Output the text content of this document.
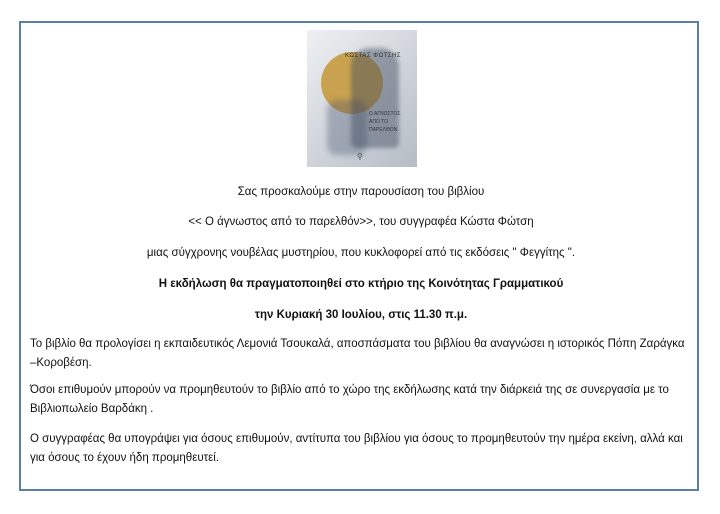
ΚΩΣΤΑΣ ΦΩΤΣΗΣ
Ο ΑΓΝΩΣΤΟΣ ΑΠΟ ΤΟ ΠΑΡΕΛΘΟΝ
⚲

Σας προσκαλούμε στην παρουσίαση του βιβλίου

<< Ο άγνωστος από το παρελθόν>>, του συγγραφέα Κώστα Φώτση

μιας σύγχρονης νουβέλας μυστηρίου, που κυκλοφορεί από τις εκδόσεις " Φεγγίτης ".

Η εκδήλωση θα πραγματοποιηθεί στο κτήριο της Κοινότητας Γραμματικού

την Κυριακή 30 Ιουλίου, στις 11.30 π.μ.

Το βιβλίο θα προλογίσει η εκπαιδευτικός Λεμονιά Τσουκαλά, αποσπάσματα του βιβλίου θα αναγνώσει η ιστορικός Πόπη Ζαράγκα –Κοροβέση.

Όσοι επιθυμούν μπορούν να προμηθευτούν το βιβλίο από το χώρο της εκδήλωσης κατά την διάρκειά της σε συνεργασία με το Βιβλιοπωλείο Βαρδάκη .

Ο συγγραφέας θα υπογράψει για όσους επιθυμούν, αντίτυπα του βιβλίου για όσους το προμηθευτούν την ημέρα εκείνη, αλλά και για όσους το έχουν ήδη προμηθευτεί.
